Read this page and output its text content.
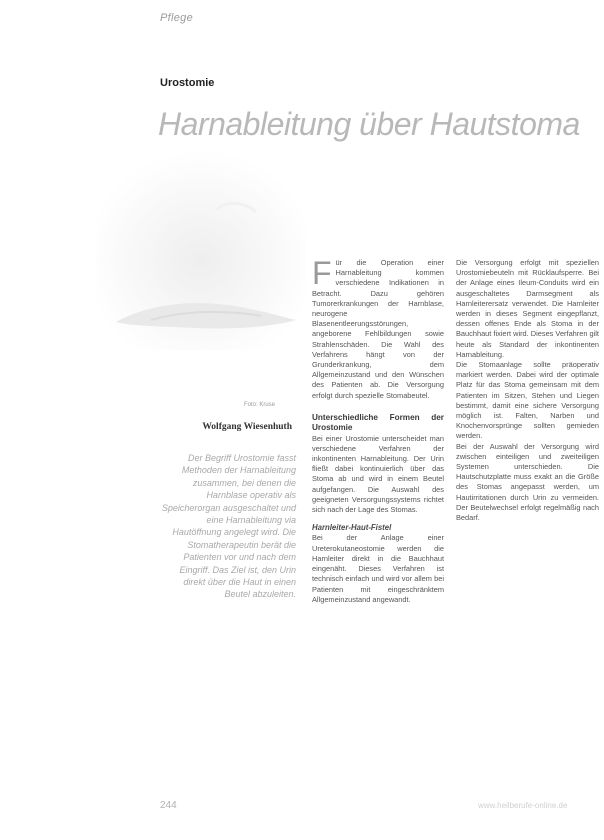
Pflege
Urostomie
Harnableitung über Hautstoma
Foto: Kruse
Wolfgang Wiesenhuth
Der Begriff Urostomie fasst Methoden der Harnableitung zusammen, bei denen die Harnblase operativ als Speicherorgan ausgeschaltet und eine Harnableitung via Hautöffnung angelegt wird. Die Stomatherapeutin berät die Patienten vor und nach dem Eingriff. Das Ziel ist, den Urin direkt über die Haut in einen Beutel abzuleiten.
F ür die Operation einer Harnableitung kommen verschiedene Indikationen in Betracht. Dazu gehören Tumorerkrankungen der Harnblase, neurogene Blasenentleerungsstörungen, angeborene Fehlbildungen sowie Strahlenschäden. Die Wahl des Verfahrens hängt von der Grunderkrankung, dem Allgemeinzustand und den Wünschen des Patienten ab. Die Versorgung erfolgt durch spezielle Stomabeutel.

Unterschiedliche Formen der Urostomie

Bei einer Urostomie unterscheidet man verschiedene Verfahren der inkontinenten Harnableitung. Der Urin fließt dabei kontinuierlich über das Stoma ab und wird in einem Beutel aufgefangen. Die Auswahl des geeigneten Versorgungssystems richtet sich nach der Lage des Stomas.

Harnleiter-Haut-Fistel

Bei der Anlage einer Ureterokutaneostomie werden die Harnleiter direkt in die Bauchhaut eingenäht. Dieses Verfahren ist technisch einfach und wird vor allem bei Patienten mit eingeschränktem Allgemeinzustand angewandt.

Die Versorgung erfolgt mit speziellen Urostomiebeuteln mit Rücklaufsperre. Bei der Anlage eines Ileum-Conduits wird ein ausgeschaltetes Darmsegment als Harnleiterersatz verwendet. Die Harnleiter werden in dieses Segment eingepflanzt, dessen offenes Ende als Stoma in der Bauchhaut fixiert wird. Dieses Verfahren gilt heute als Standard der inkontinenten Harnableitung.

Die Stomaanlage sollte präoperativ markiert werden. Dabei wird der optimale Platz für das Stoma gemeinsam mit dem Patienten im Sitzen, Stehen und Liegen bestimmt, damit eine sichere Versorgung möglich ist. Falten, Narben und Knochenvorsprünge sollten gemieden werden.

Bei der Auswahl der Versorgung wird zwischen einteiligen und zweiteiligen Systemen unterschieden. Die Hautschutzplatte muss exakt an die Größe des Stomas angepasst werden, um Hautirritationen durch Urin zu vermeiden. Der Beutelwechsel erfolgt regelmäßig nach Bedarf.

244	www.heilberufe-online.de
